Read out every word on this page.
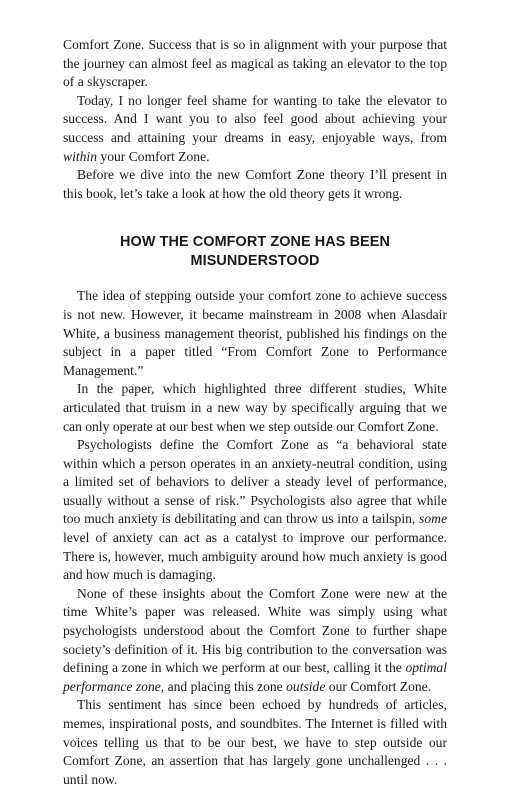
Comfort Zone. Success that is so in alignment with your purpose that the journey can almost feel as magical as taking an elevator to the top of a skyscraper.

Today, I no longer feel shame for wanting to take the elevator to success. And I want you to also feel good about achieving your success and attaining your dreams in easy, enjoyable ways, from within your Comfort Zone.

Before we dive into the new Comfort Zone theory I’ll present in this book, let’s take a look at how the old theory gets it wrong.

HOW THE COMFORT ZONE HAS BEEN
MISUNDERSTOOD

The idea of stepping outside your comfort zone to achieve success is not new. However, it became mainstream in 2008 when Alasdair White, a business management theorist, published his findings on the subject in a paper titled “From Comfort Zone to Performance Management.”

In the paper, which highlighted three different studies, White articulated that truism in a new way by specifically arguing that we can only operate at our best when we step outside our Comfort Zone.

Psychologists define the Comfort Zone as “a behavioral state within which a person operates in an anxiety-neutral condition, using a limited set of behaviors to deliver a steady level of performance, usually without a sense of risk.” Psychologists also agree that while too much anxiety is debilitating and can throw us into a tailspin, some level of anxiety can act as a catalyst to improve our performance. There is, however, much ambiguity around how much anxiety is good and how much is damaging.

None of these insights about the Comfort Zone were new at the time White’s paper was released. White was simply using what psychologists understood about the Comfort Zone to further shape society’s definition of it. His big contribution to the conversation was defining a zone in which we perform at our best, calling it the optimal performance zone, and placing this zone outside our Comfort Zone.

This sentiment has since been echoed by hundreds of articles, memes, inspirational posts, and soundbites. The Internet is filled with voices telling us that to be our best, we have to step outside our Comfort Zone, an assertion that has largely gone unchallenged . . . until now.
